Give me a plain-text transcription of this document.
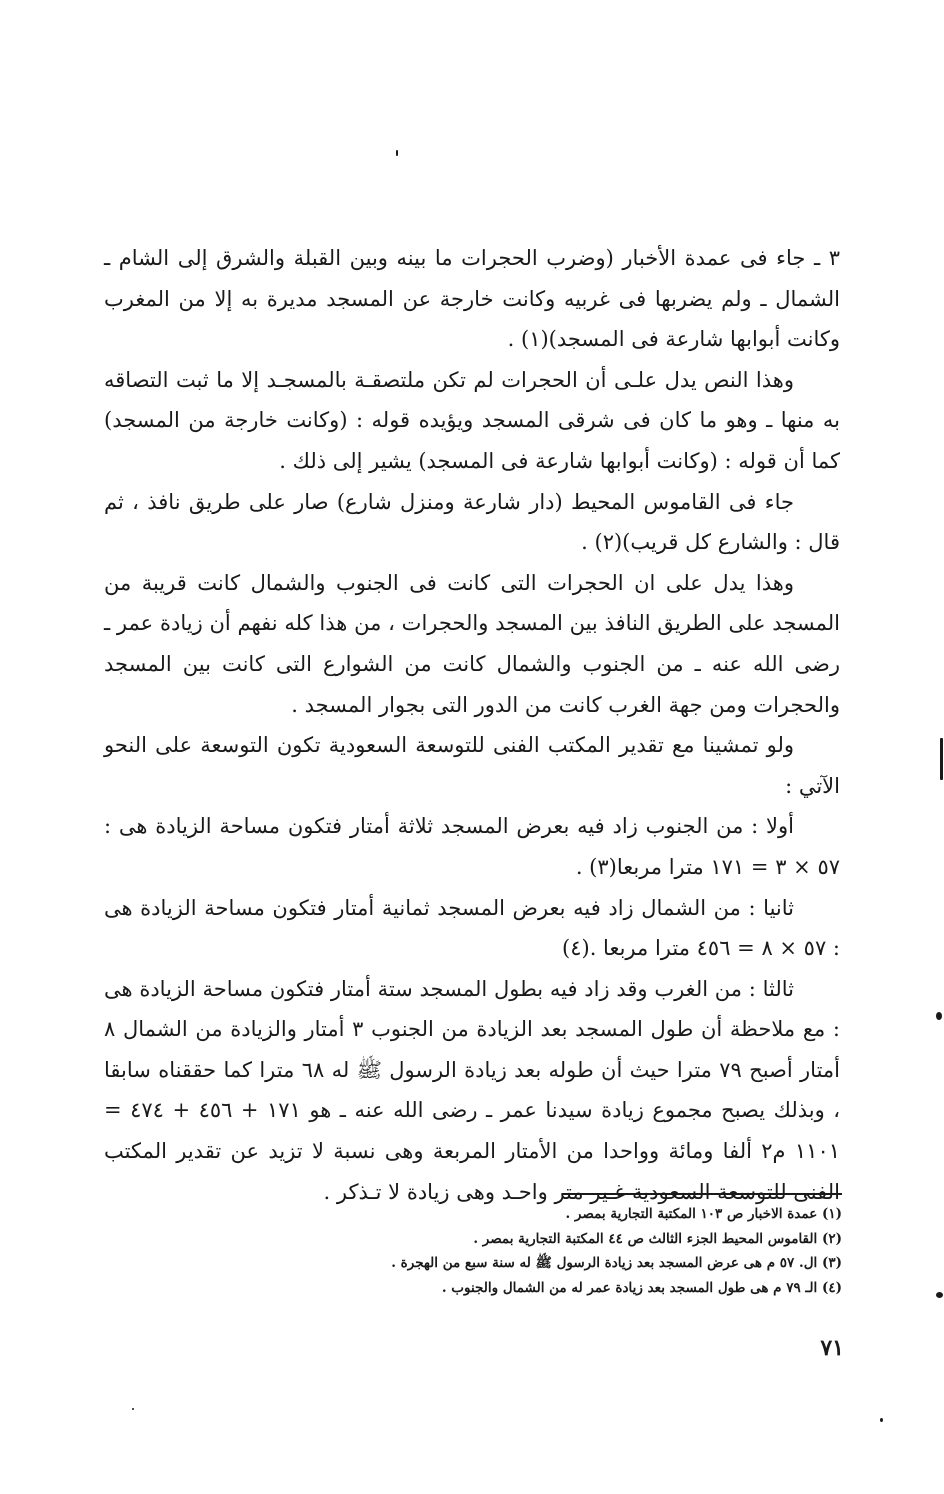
٣ ـ جاء فى عمدة الأخبار (وضرب الحجرات ما بينه وبين القبلة والشرق إلى الشام ـ الشمال ـ ولم يضربها فى غربيه وكانت خارجة عن المسجد مديرة به إلا من المغرب وكانت أبوابها شارعة فى المسجد)(١) .

وهذا النص يدل علـى أن الحجرات لم تكن ملتصقـة بالمسجـد إلا ما ثبت التصاقه به منها ـ وهو ما كان فى شرقى المسجد ويؤيده قوله : (وكانت خارجة من المسجد) كما أن قوله : (وكانت أبوابها شارعة فى المسجد) يشير إلى ذلك .

جاء فى القاموس المحيط (دار شارعة ومنزل شارع) صار على طريق نافذ ، ثم قال : والشارع كل قريب)(٢) .

وهذا يدل على ان الحجرات التى كانت فى الجنوب والشمال كانت قريبة من المسجد على الطريق النافذ بين المسجد والحجرات ، من هذا كله نفهم أن زيادة عمر ـ رضى الله عنه ـ من الجنوب والشمال كانت من الشوارع التى كانت بين المسجد والحجرات ومن جهة الغرب كانت من الدور التى بجوار المسجد .

ولو تمشينا مع تقدير المكتب الفنى للتوسعة السعودية تكون التوسعة على النحو الآتي :

أولا : من الجنوب زاد فيه بعرض المسجد ثلاثة أمتار فتكون مساحة الزيادة هى : ٥٧ × ٣ = ١٧١ مترا مربعا(٣) .

ثانيا : من الشمال زاد فيه بعرض المسجد ثمانية أمتار فتكون مساحة الزيادة هى : ٥٧ × ٨ = ٤٥٦ مترا مربعا .(٤)

ثالثا : من الغرب وقد زاد فيه بطول المسجد ستة أمتار فتكون مساحة الزيادة هى : مع ملاحظة أن طول المسجد بعد الزيادة من الجنوب ٣ أمتار والزيادة من الشمال ٨ أمتار أصبح ٧٩ مترا حيث أن طوله بعد زيادة الرسول ﷺ له ٦٨ مترا كما حققناه سابقا ، وبذلك يصبح مجموع زيادة سيدنا عمر ـ رضى الله عنه ـ هو ١٧١ + ٤٥٦ + ٤٧٤ = ١١٠١ م٢ ألفا ومائة وواحدا من الأمتار المربعة وهى نسبة لا تزيد عن تقدير المكتب الفنى للتوسعة السعودية غـير متر واحـد وهى زيادة لا تـذكر .

(١) عمدة الاخبار ص ١٠٣ المكتبة التجارية بمصر .
(٢) القاموس المحيط الجزء الثالث ص ٤٤ المكتبة التجارية بمصر .
(٣) ال. ٥٧ م هى عرض المسجد بعد زيادة الرسول ﷺ له سنة سبع من الهجرة .
(٤) الـ ٧٩ م هى طول المسجد بعد زيادة عمر له من الشمال والجنوب .
٧١
